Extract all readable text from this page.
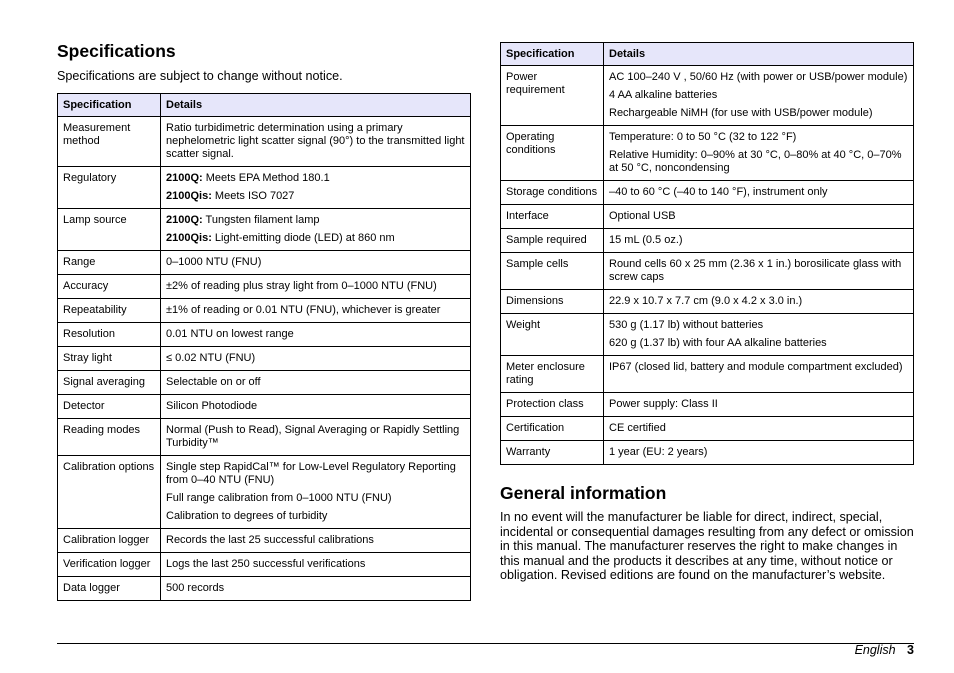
Specifications
Specifications are subject to change without notice.
Specification	Details
Measurement method	Ratio turbidimetric determination using a primary nephelometric light scatter signal (90°) to the transmitted light scatter signal.

Regulatory	2100Q: Meets EPA Method 180.1

2100Qis: Meets ISO 7027

Lamp source	2100Q: Tungsten filament lamp

2100Qis: Light-emitting diode (LED) at 860 nm

Range	0–1000 NTU (FNU)

Accuracy	±2% of reading plus stray light from 0–1000 NTU (FNU)

Repeatability	±1% of reading or 0.01 NTU (FNU), whichever is greater

Resolution	0.01 NTU on lowest range

Stray light	≤ 0.02 NTU (FNU)

Signal averaging	Selectable on or off

Detector	Silicon Photodiode

Reading modes	Normal (Push to Read), Signal Averaging or Rapidly Settling Turbidity™

Calibration options	Single step RapidCal™ for Low-Level Regulatory Reporting from 0–40 NTU (FNU)

Full range calibration from 0–1000 NTU (FNU)

Calibration to degrees of turbidity

Calibration logger	Records the last 25 successful calibrations

Verification logger	Logs the last 250 successful verifications

Data logger	500 records

Specification	Details
Power requirement	AC 100–240 V , 50/60 Hz (with power or USB/power module)

4 AA alkaline batteries

Rechargeable NiMH (for use with USB/power module)

Operating conditions	Temperature: 0 to 50 °C (32 to 122 °F)

Relative Humidity: 0–90% at 30 °C, 0–80% at 40 °C, 0–70% at 50 °C, noncondensing

Storage conditions	–40 to 60 °C (–40 to 140 °F), instrument only

Interface	Optional USB

Sample required	15 mL (0.5 oz.)

Sample cells	Round cells 60 x 25 mm (2.36 x 1 in.) borosilicate glass with screw caps

Dimensions	22.9 x 10.7 x 7.7 cm (9.0 x 4.2 x 3.0 in.)

Weight	530 g (1.17 lb) without batteries

620 g (1.37 lb) with four AA alkaline batteries

Meter enclosure rating	IP67 (closed lid, battery and module compartment excluded)

Protection class	Power supply: Class II

Certification	CE certified

Warranty	1 year (EU: 2 years)

General information
In no event will the manufacturer be liable for direct, indirect, special, incidental or consequential damages resulting from any defect or omission in this manual. The manufacturer reserves the right to make changes in this manual and the products it describes at any time, without notice or obligation. Revised editions are found on the manufacturer’s website.
English 3
